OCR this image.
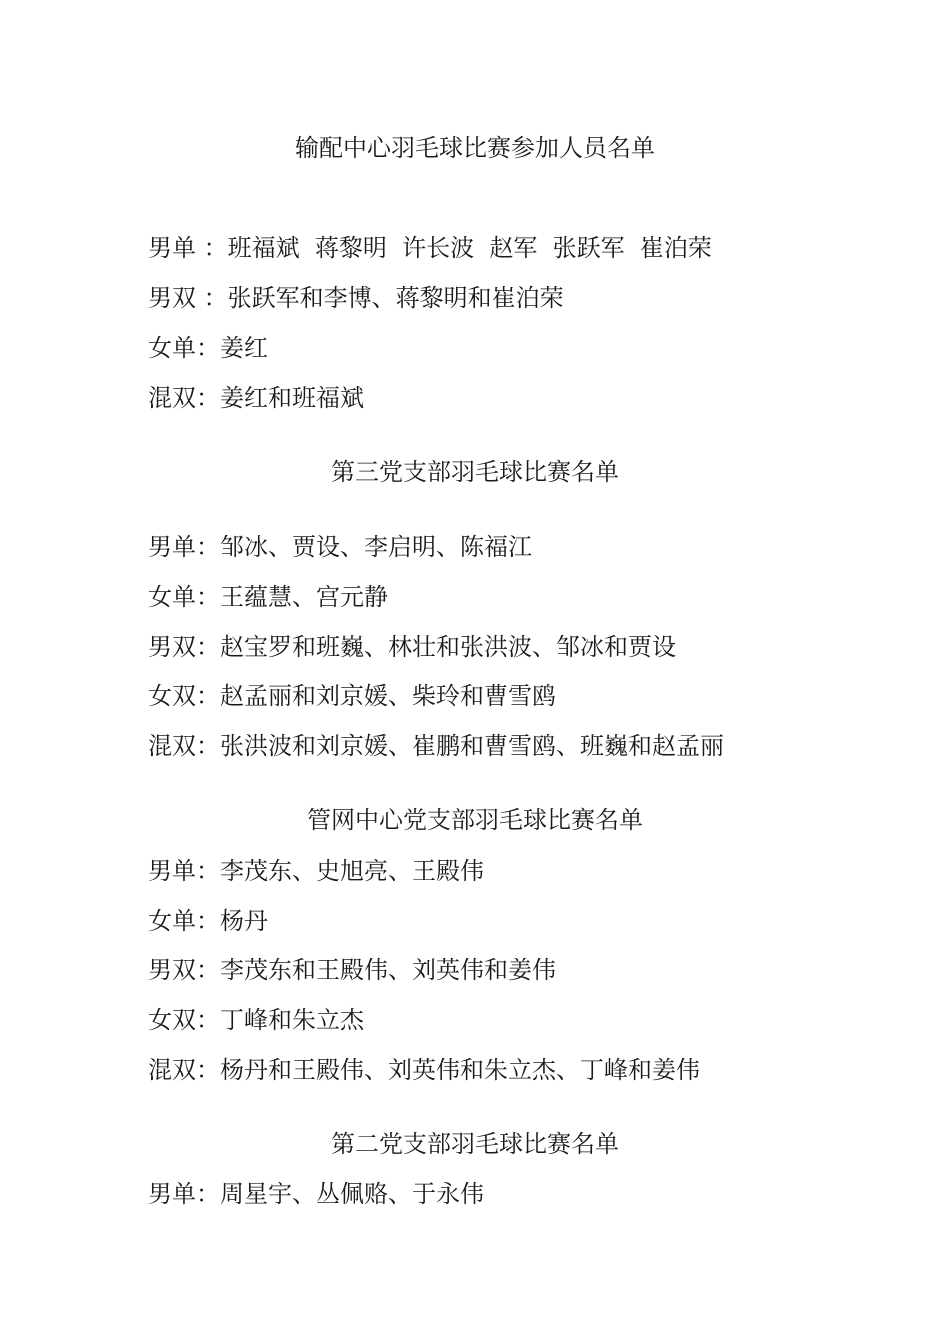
输配中心羽毛球比赛参加人员名单

男单 ：班福斌  蒋黎明  许长波  赵军  张跃军  崔泊荣

男双 ：张跃军和李博、蒋黎明和崔泊荣

女单：姜红

混双：姜红和班福斌

第三党支部羽毛球比赛名单

男单：邹冰、贾设、李启明、陈福江

女单：王蕴慧、宫元静

男双：赵宝罗和班巍、林壮和张洪波、邹冰和贾设

女双：赵孟丽和刘京媛、柴玲和曹雪鸥

混双：张洪波和刘京媛、崔鹏和曹雪鸥、班巍和赵孟丽

管网中心党支部羽毛球比赛名单

男单：李茂东、史旭亮、王殿伟

女单：杨丹

男双：李茂东和王殿伟、刘英伟和姜伟

女双：丁峰和朱立杰

混双：杨丹和王殿伟、刘英伟和朱立杰、丁峰和姜伟

第二党支部羽毛球比赛名单

男单：周星宇、丛佩赂、于永伟
